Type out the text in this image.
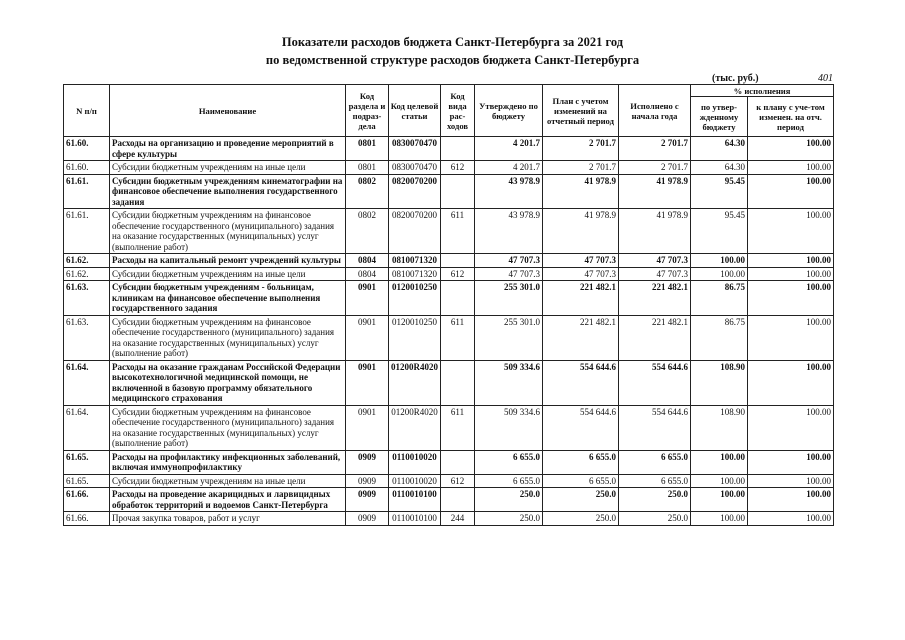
Показатели расходов бюджета Санкт-Петербурга за 2021 год
по ведомственной структуре расходов бюджета Санкт-Петербурга
(тыс. руб.)	401
N п/п	Наименование	Код раздела и подраз-дела	Код целевой статьи	Код вида рас-ходов	Утверждено по бюджету	План с учетом изменений на отчетный период	Исполнено с начала года	% исполнения	
								по утвер-жденному бюджету	к плану с уче-том изменен. на отч. период
61.60.	Расходы на организацию и проведение мероприятий в сфере культуры	0801	0830070470		4 201.7	2 701.7	2 701.7	64.30	100.00
61.60.	Субсидии бюджетным учреждениям на иные цели	0801	0830070470	612	4 201.7	2 701.7	2 701.7	64.30	100.00
61.61.	Субсидии бюджетным учреждениям кинематографии на финансовое обеспечение выполнения государственного задания	0802	0820070200		43 978.9	41 978.9	41 978.9	95.45	100.00
61.61.	Субсидии бюджетным учреждениям на финансовое обеспечение государственного (муниципального) задания на оказание государственных (муниципальных) услуг (выполнение работ)	0802	0820070200	611	43 978.9	41 978.9	41 978.9	95.45	100.00
61.62.	Расходы на капитальный ремонт учреждений культуры	0804	0810071320		47 707.3	47 707.3	47 707.3	100.00	100.00
61.62.	Субсидии бюджетным учреждениям на иные цели	0804	0810071320	612	47 707.3	47 707.3	47 707.3	100.00	100.00
61.63.	Субсидии бюджетным учреждениям - больницам, клиникам на финансовое обеспечение выполнения государственного задания	0901	0120010250		255 301.0	221 482.1	221 482.1	86.75	100.00
61.63.	Субсидии бюджетным учреждениям на финансовое обеспечение государственного (муниципального) задания на оказание государственных (муниципальных) услуг (выполнение работ)	0901	0120010250	611	255 301.0	221 482.1	221 482.1	86.75	100.00
61.64.	Расходы на оказание гражданам Российской Федерации высокотехнологичной медицинской помощи, не включенной в базовую программу обязательного медицинского страхования	0901	01200R4020		509 334.6	554 644.6	554 644.6	108.90	100.00
61.64.	Субсидии бюджетным учреждениям на финансовое обеспечение государственного (муниципального) задания на оказание государственных (муниципальных) услуг (выполнение работ)	0901	01200R4020	611	509 334.6	554 644.6	554 644.6	108.90	100.00
61.65.	Расходы на профилактику инфекционных заболеваний, включая иммунопрофилактику	0909	0110010020		6 655.0	6 655.0	6 655.0	100.00	100.00
61.65.	Субсидии бюджетным учреждениям на иные цели	0909	0110010020	612	6 655.0	6 655.0	6 655.0	100.00	100.00
61.66.	Расходы на проведение акарицидных и ларвицидных обработок территорий и водоемов Санкт-Петербурга	0909	0110010100		250.0	250.0	250.0	100.00	100.00
61.66.	Прочая закупка товаров, работ и услуг	0909	0110010100	244	250.0	250.0	250.0	100.00	100.00
